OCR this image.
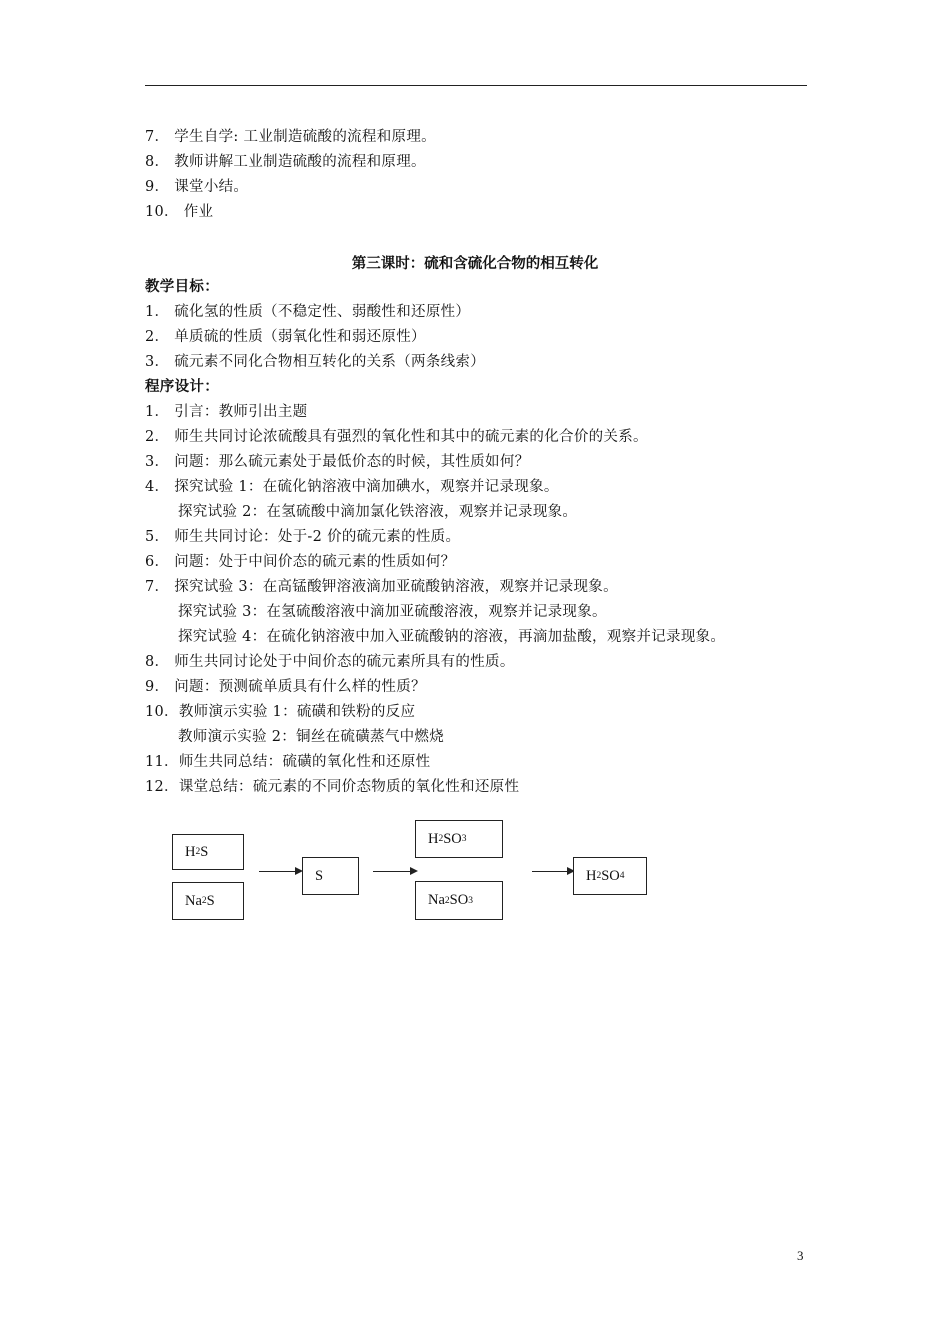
7． 学生自学: 工业制造硫酸的流程和原理。
8． 教师讲解工业制造硫酸的流程和原理。
9． 课堂小结。
10． 作业
第三课时：硫和含硫化合物的相互转化
教学目标：
1． 硫化氢的性质（不稳定性、弱酸性和还原性）
2． 单质硫的性质（弱氧化性和弱还原性）
3． 硫元素不同化合物相互转化的关系（两条线索）
程序设计：
1． 引言：教师引出主题
2． 师生共同讨论浓硫酸具有强烈的氧化性和其中的硫元素的化合价的关系。
3． 问题：那么硫元素处于最低价态的时候，其性质如何？
4． 探究试验 1：在硫化钠溶液中滴加碘水，观察并记录现象。
探究试验 2：在氢硫酸中滴加氯化铁溶液，观察并记录现象。
5． 师生共同讨论：处于-2 价的硫元素的性质。
6． 问题：处于中间价态的硫元素的性质如何？
7． 探究试验 3：在高锰酸钾溶液滴加亚硫酸钠溶液，观察并记录现象。
探究试验 3：在氢硫酸溶液中滴加亚硫酸溶液，观察并记录现象。
探究试验 4：在硫化钠溶液中加入亚硫酸钠的溶液，再滴加盐酸，观察并记录现象。
8． 师生共同讨论处于中间价态的硫元素所具有的性质。
9． 问题：预测硫单质具有什么样的性质？
10．教师演示实验 1：硫磺和铁粉的反应
教师演示实验 2：铜丝在硫磺蒸气中燃烧
11．师生共同总结：硫磺的氧化性和还原性
12．课堂总结：硫元素的不同价态物质的氧化性和还原性
H 2 S
Na 2 S
S
H 2 SO 3
Na 2 SO 3
H 2 SO 4
3
